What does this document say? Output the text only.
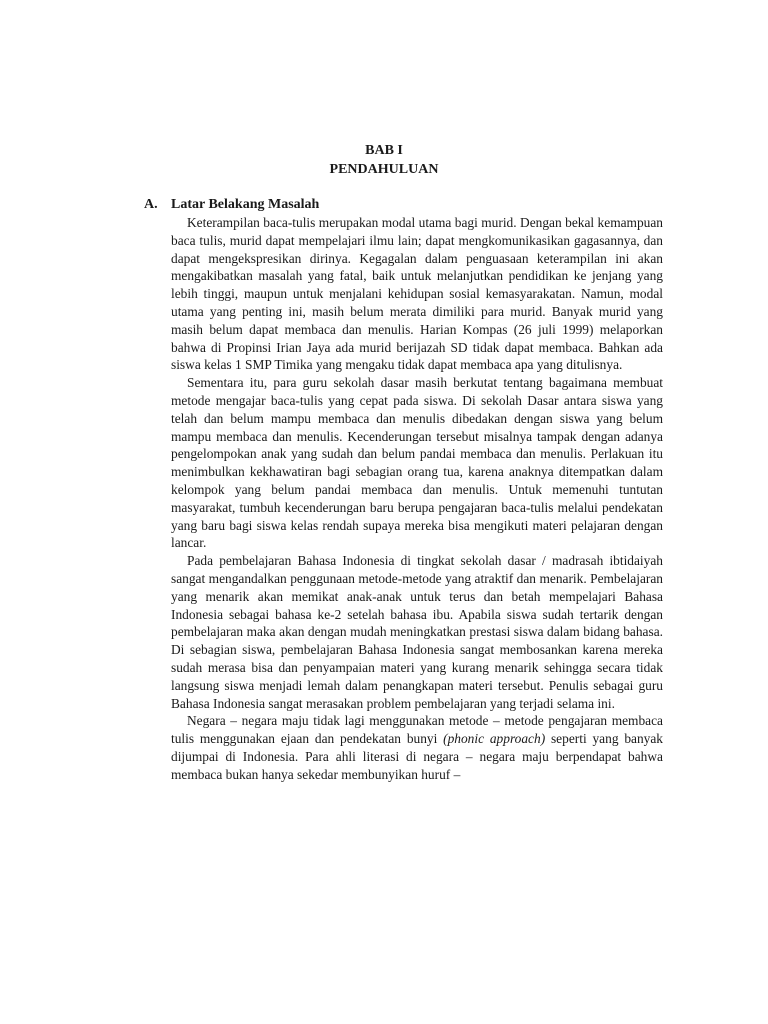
BAB I
PENDAHULUAN
A. Latar Belakang Masalah

Keterampilan baca-tulis merupakan modal utama bagi murid. Dengan bekal kemampuan baca tulis, murid dapat mempelajari ilmu lain; dapat mengkomunikasikan gagasannya, dan dapat mengekspresikan dirinya. Kegagalan dalam penguasaan keterampilan ini akan mengakibatkan masalah yang fatal, baik untuk melanjutkan pendidikan ke jenjang yang lebih tinggi, maupun untuk menjalani kehidupan sosial kemasyarakatan. Namun, modal utama yang penting ini, masih belum merata dimiliki para murid. Banyak murid yang masih belum dapat membaca dan menulis. Harian Kompas (26 juli 1999) melaporkan bahwa di Propinsi Irian Jaya ada murid berijazah SD tidak dapat membaca. Bahkan ada siswa kelas 1 SMP Timika yang mengaku tidak dapat membaca apa yang ditulisnya.

Sementara itu, para guru sekolah dasar masih berkutat tentang bagaimana membuat metode mengajar baca-tulis yang cepat pada siswa. Di sekolah Dasar antara siswa yang telah dan belum mampu membaca dan menulis dibedakan dengan siswa yang belum mampu membaca dan menulis. Kecenderungan tersebut misalnya tampak dengan adanya pengelompokan anak yang sudah dan belum pandai membaca dan menulis. Perlakuan itu menimbulkan kekhawatiran bagi sebagian orang tua, karena anaknya ditempatkan dalam kelompok yang belum pandai membaca dan menulis. Untuk memenuhi tuntutan masyarakat, tumbuh kecenderungan baru berupa pengajaran baca-tulis melalui pendekatan yang baru bagi siswa kelas rendah supaya mereka bisa mengikuti materi pelajaran dengan lancar.

Pada pembelajaran Bahasa Indonesia di tingkat sekolah dasar / madrasah ibtidaiyah sangat mengandalkan penggunaan metode-metode yang atraktif dan menarik. Pembelajaran yang menarik akan memikat anak-anak untuk terus dan betah mempelajari Bahasa Indonesia sebagai bahasa ke-2 setelah bahasa ibu. Apabila siswa sudah tertarik dengan pembelajaran maka akan dengan mudah meningkatkan prestasi siswa dalam bidang bahasa. Di sebagian siswa, pembelajaran Bahasa Indonesia sangat membosankan karena mereka sudah merasa bisa dan penyampaian materi yang kurang menarik sehingga secara tidak langsung siswa menjadi lemah dalam penangkapan materi tersebut. Penulis sebagai guru Bahasa Indonesia sangat merasakan problem pembelajaran yang terjadi selama ini.

Negara – negara maju tidak lagi menggunakan metode – metode pengajaran membaca tulis menggunakan ejaan dan pendekatan bunyi (phonic approach) seperti yang banyak dijumpai di Indonesia. Para ahli literasi di negara – negara maju berpendapat bahwa membaca bukan hanya sekedar membunyikan huruf –
